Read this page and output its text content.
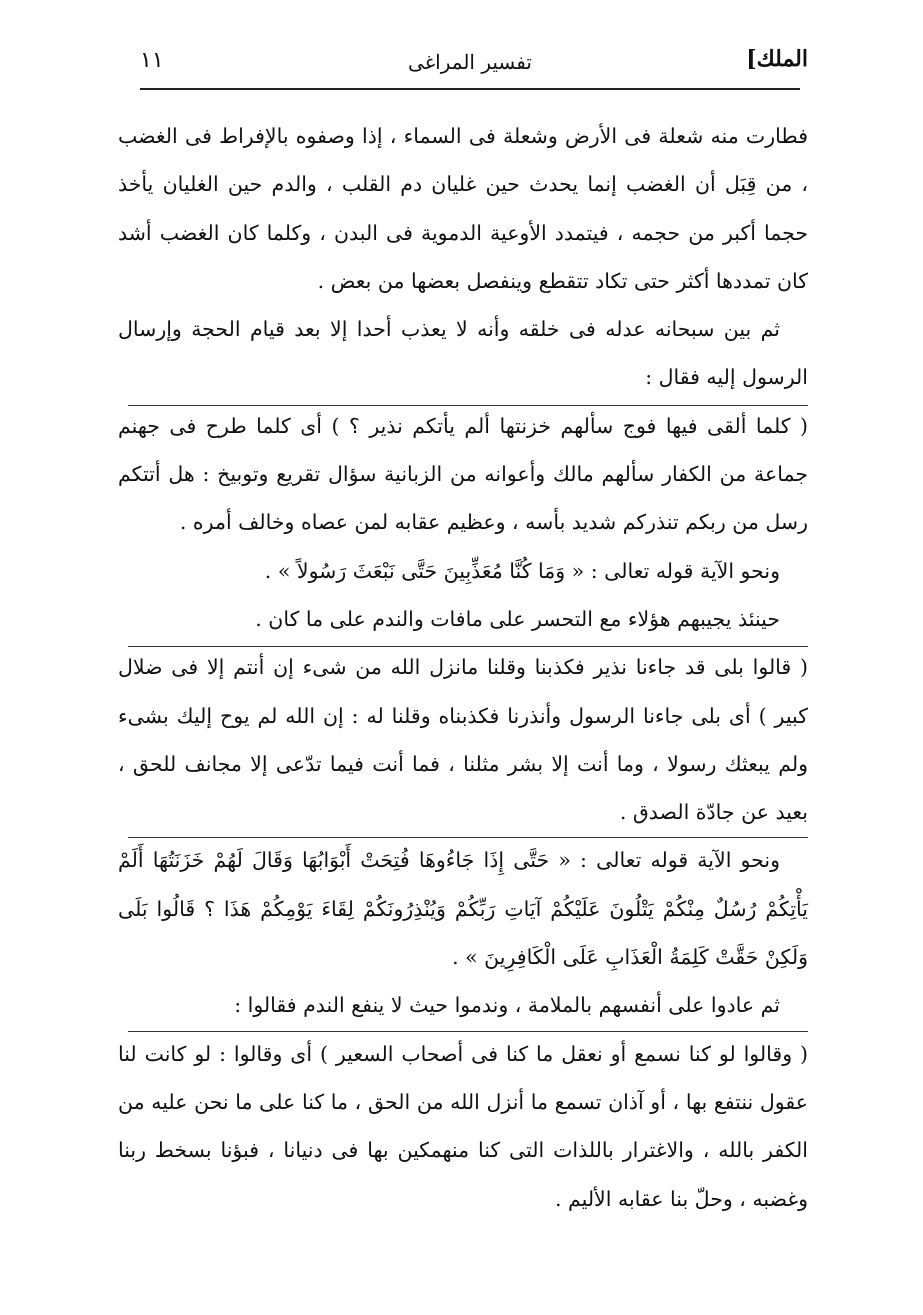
الملك]
تفسير المراغى
١١

فطارت منه شعلة فى الأرض وشعلة فى السماء ، إذا وصفوه بالإفراط فى الغضب ، من قِبَل أن الغضب إنما يحدث حين غليان دم القلب ، والدم حين الغليان يأخذ حجما أكبر من حجمه ، فيتمدد الأوعية الدموية فى البدن ، وكلما كان الغضب أشد كان تمددها أكثر حتى تكاد تتقطع وينفصل بعضها من بعض .

ثم بين سبحانه عدله فى خلقه وأنه لا يعذب أحدا إلا بعد قيام الحجة وإرسال الرسول إليه فقال :

( كلما ألقى فيها فوج سألهم خزنتها ألم يأتكم نذير ؟ ) أى كلما طرح فى جهنم جماعة من الكفار سألهم مالك وأعوانه من الزبانية سؤال تقريع وتوبيخ : هل أتتكم رسل من ربكم تنذركم شديد بأسه ، وعظيم عقابه لمن عصاه وخالف أمره .

ونحو الآية قوله تعالى : « وَمَا كُنَّا مُعَذِّبِينَ حَتَّى نَبْعَثَ رَسُولاً » .

حينئذ يجيبهم هؤلاء مع التحسر على مافات والندم على ما كان .

( قالوا بلى قد جاءنا نذير فكذبنا وقلنا مانزل الله من شىء إن أنتم إلا فى ضلال كبير ) أى بلى جاءنا الرسول وأنذرنا فكذبناه وقلنا له : إن الله لم يوح إليك بشىء ولم يبعثك رسولا ، وما أنت إلا بشر مثلنا ، فما أنت فيما تدّعى إلا مجانف للحق ، بعيد عن جادّة الصدق .

ونحو الآية قوله تعالى : « حَتَّى إِذَا جَاءُوهَا فُتِحَتْ أَبْوَابُهَا وَقَالَ لَهُمْ خَزَنَتُهَا أَلَمْ يَأْتِكُمْ رُسُلٌ مِنْكُمْ يَتْلُونَ عَلَيْكُمْ آيَاتِ رَبِّكُمْ وَيُنْذِرُونَكُمْ لِقَاءَ يَوْمِكُمْ هَذَا ؟ قَالُوا بَلَى وَلَكِنْ حَقَّتْ كَلِمَةُ الْعَذَابِ عَلَى الْكَافِرِينَ » .

ثم عادوا على أنفسهم بالملامة ، وندموا حيث لا ينفع الندم فقالوا :

( وقالوا لو كنا نسمع أو نعقل ما كنا فى أصحاب السعير ) أى وقالوا : لو كانت لنا عقول ننتفع بها ، أو آذان تسمع ما أنزل الله من الحق ، ما كنا على ما نحن عليه من الكفر بالله ، والاغترار باللذات التى كنا منهمكين بها فى دنيانا ، فبؤنا بسخط ربنا وغضبه ، وحلّ بنا عقابه الأليم .
